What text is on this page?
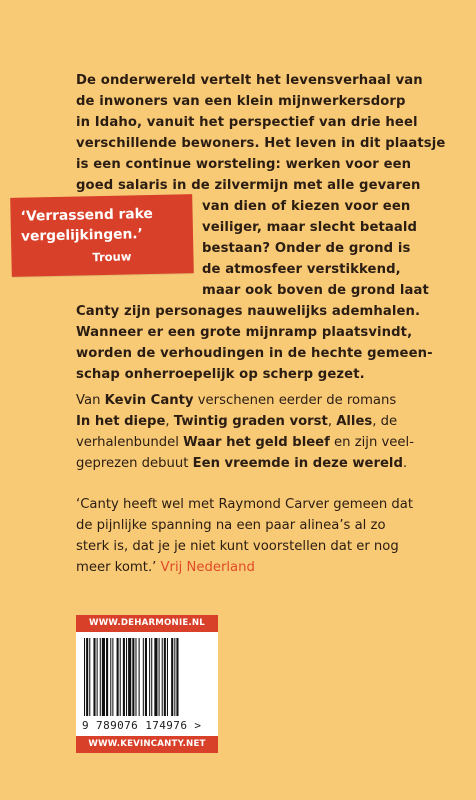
De onderwereld vertelt het levensverhaal van
de inwoners van een klein mijnwerkersdorp
in Idaho, vanuit het perspectief van drie heel
verschillende bewoners. Het leven in dit plaatsje
is een continue worsteling: werken voor een
goed salaris in de zilvermijn met alle gevaren
van dien of kiezen voor een
veiliger, maar slecht betaald
bestaan? Onder de grond is
de atmosfeer verstikkend,
maar ook boven de grond laat
Canty zijn personages nauwelijks ademhalen.
Wanneer er een grote mijnramp plaatsvindt,
worden de verhoudingen in de hechte gemeen-
schap onherroepelijk op scherp gezet.
‘Verrassend rake
vergelijkingen.’
Trouw
Van Kevin Canty verschenen eerder de romans
In het diepe, Twintig graden vorst, Alles, de
verhalenbundel Waar het geld bleef en zijn veel-
geprezen debuut Een vreemde in deze wereld.
‘Canty heeft wel met Raymond Carver gemeen dat
de pijnlijke spanning na een paar alinea’s al zo
sterk is, dat je je niet kunt voorstellen dat er nog
meer komt.’ Vrij Nederland
WWW.DEHARMONIE.NL
9 789076 174976 >
WWW.KEVINCANTY.NET
